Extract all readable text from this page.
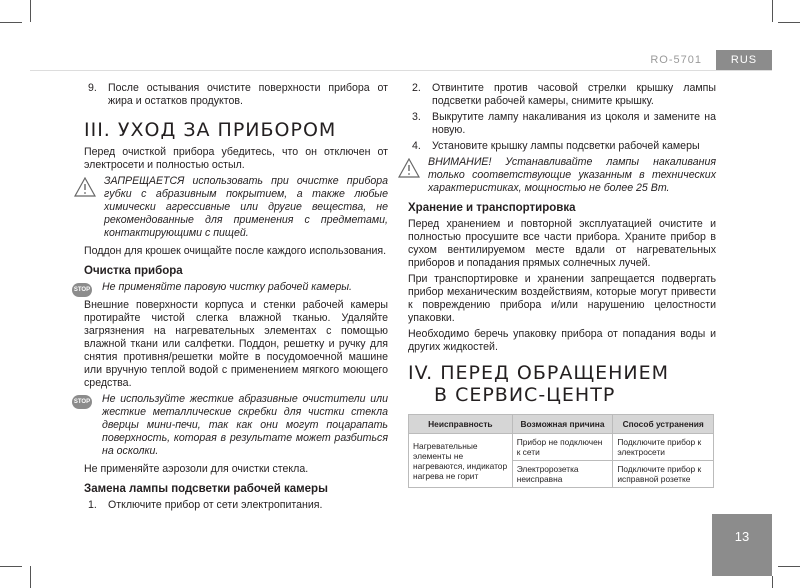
RO-5701	RUS
9.	После остывания очистите поверхности прибора от жира и остатков продуктов.
III. УХОД ЗА ПРИБОРОМ

Перед очисткой прибора убедитесь, что он отключен от электросети и полностью остыл.

ЗАПРЕЩАЕТСЯ использовать при очистке прибора губки с абразивным покрытием, а также любые химически агрессивные или другие вещества, не рекомендованные для применения с предметами, контактирующими с пищей.

Поддон для крошек очищайте после каждого использования.

Очистка прибора
STOP Не применяйте паровую чистку рабочей камеры.

Внешние поверхности корпуса и стенки рабочей камеры протирайте чистой слегка влажной тканью. Удаляйте загрязнения на нагревательных элементах с помощью влажной ткани или салфетки. Поддон, решетку и ручку для снятия противня/решетки мойте в посудомоечной машине или вручную теплой водой с применением мягкого моющего средства.

STOP Не используйте жесткие абразивные очистители или жесткие металлические скребки для чистки стекла дверцы мини-печи, так как они могут поцарапать поверхность, которая в результате может разбиться на осколки.

Не применяйте аэрозоли для очистки стекла.

Замена лампы подсветки рабочей камеры
1.	Отключите прибор от сети электропитания.
2.	Отвинтите против часовой стрелки крышку лампы подсветки рабочей камеры, снимите крышку.
3.	Выкрутите лампу накаливания из цоколя и замените на новую.
4.	Установите крышку лампы подсветки рабочей камеры
ВНИМАНИЕ! Устанавливайте лампы накаливания только соответствующие указанным в технических характеристиках, мощностью не более 25 Вт.
Хранение и транспортировка

Перед хранением и повторной эксплуатацией очистите и полностью просушите все части прибора. Храните прибор в сухом вентилируемом месте вдали от нагревательных приборов и попадания прямых солнечных лучей.

При транспортировке и хранении запрещается подвергать прибор механическим воздействиям, которые могут привести к повреждению прибора и/или нарушению целостности упаковки.

Необходимо беречь упаковку прибора от попадания воды и других жидкостей.

IV. ПЕРЕД ОБРАЩЕНИЕМ
В СЕРВИС-ЦЕНТР
Неисправность	Возможная причина	Способ устранения
Нагревательные элементы не нагреваются, индикатор нагрева не горит	Прибор не подключен к сети	Подключите прибор к электросети
	Электророзетка неисправна	Подключите прибор к исправной розетке
13
